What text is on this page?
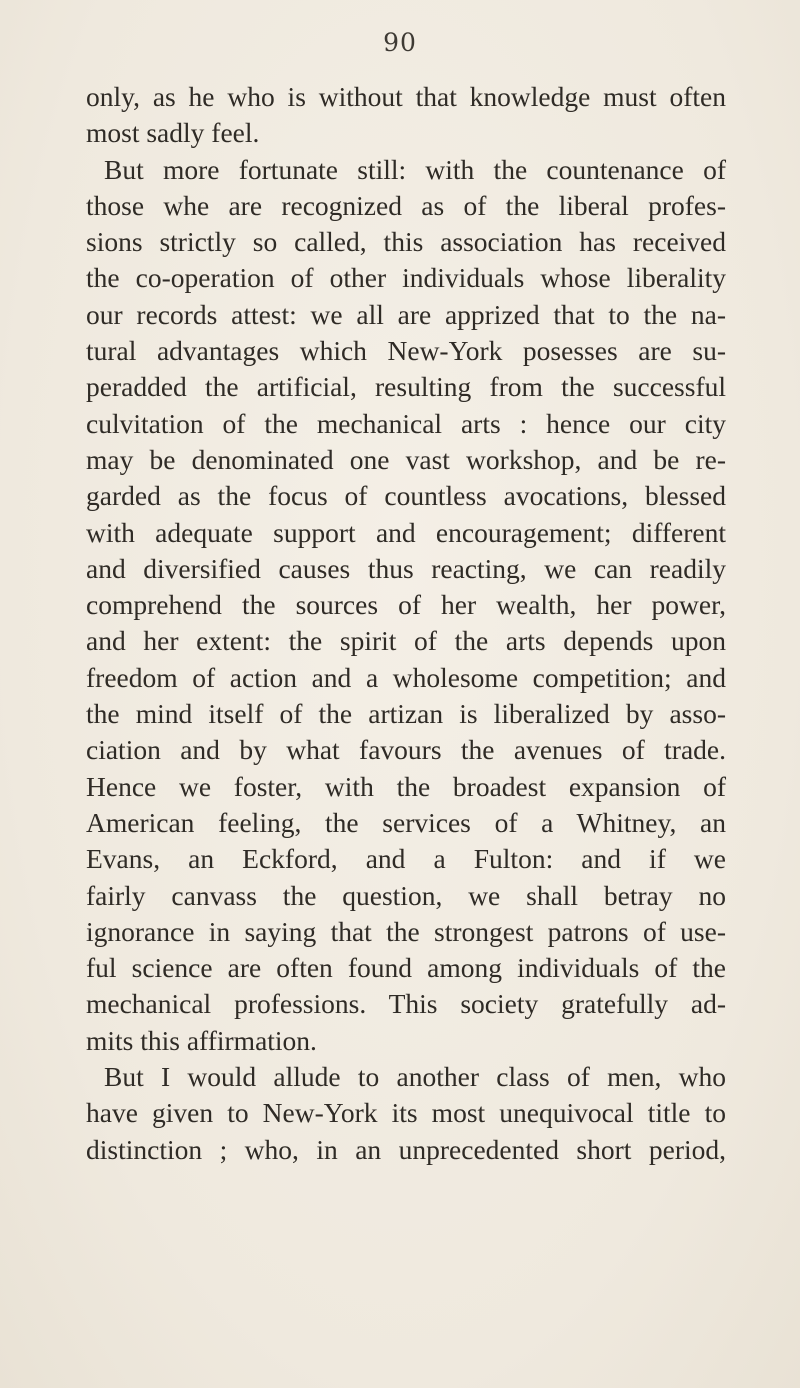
90
only, as he who is without that knowledge must often
most sadly feel.
But more fortunate still: with the countenance of
those whe are recognized as of the liberal profes-
sions strictly so called, this association has received
the co-operation of other individuals whose liberality
our records attest: we all are apprized that to the na-
tural advantages which New-York posesses are su-
peradded the artificial, resulting from the successful
culvitation of the mechanical arts : hence our city
may be denominated one vast workshop, and be re-
garded as the focus of countless avocations, blessed
with adequate support and encouragement; different
and diversified causes thus reacting, we can readily
comprehend the sources of her wealth, her power,
and her extent: the spirit of the arts depends upon
freedom of action and a wholesome competition; and
the mind itself of the artizan is liberalized by asso-
ciation and by what favours the avenues of trade.
Hence we foster, with the broadest expansion of
American feeling, the services of a Whitney, an
Evans, an Eckford, and a Fulton: and if we
fairly canvass the question, we shall betray no
ignorance in saying that the strongest patrons of use-
ful science are often found among individuals of the
mechanical professions. This society gratefully ad-
mits this affirmation.
But I would allude to another class of men, who
have given to New-York its most unequivocal title to
distinction ; who, in an unprecedented short period,
